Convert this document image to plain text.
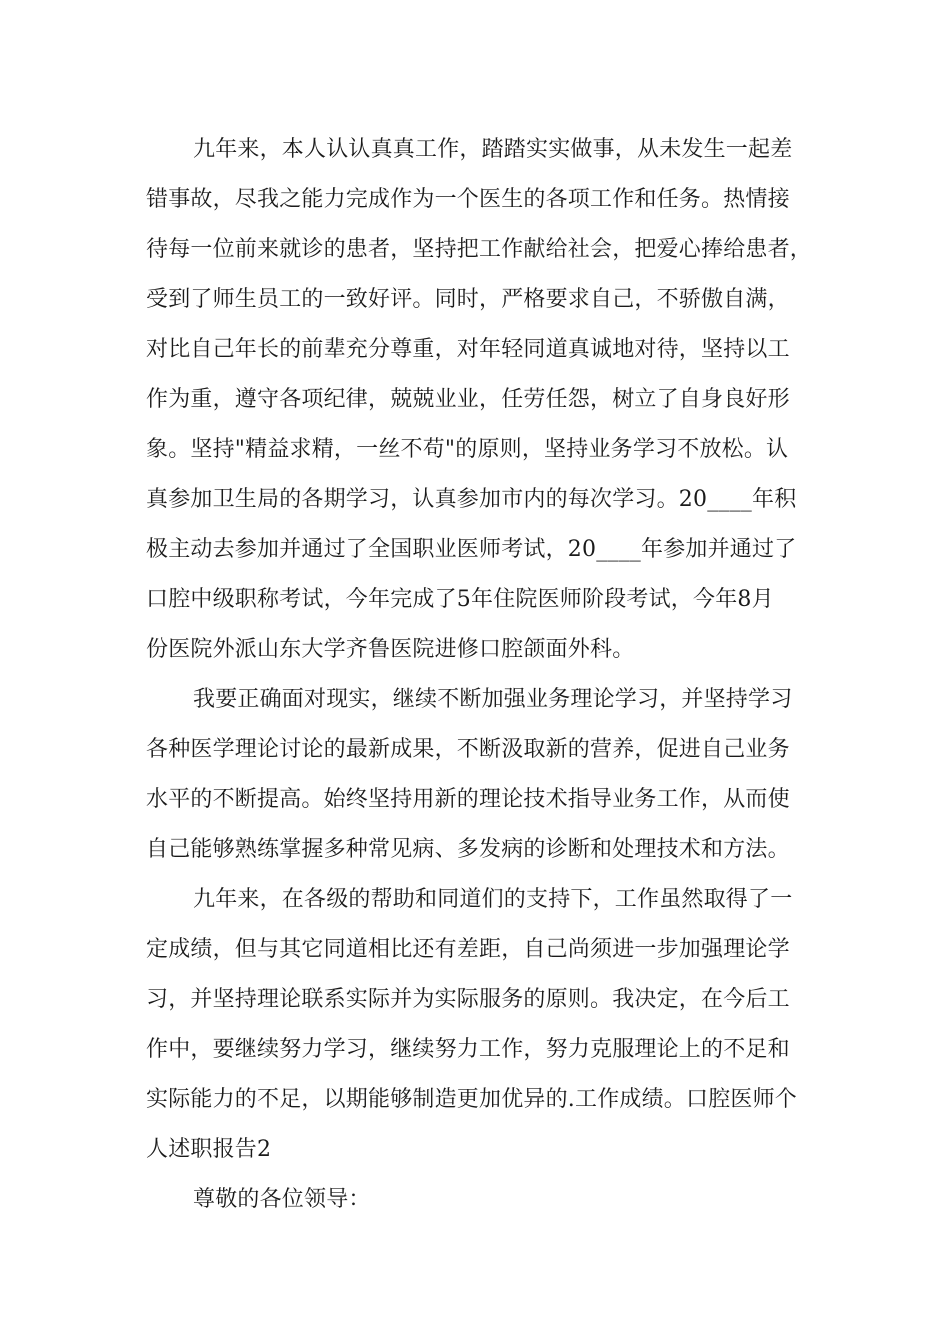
九年来，本人认认真真工作，踏踏实实做事，从未发生一起差
错事故，尽我之能力完成作为一个医生的各项工作和任务。热情接
待每一位前来就诊的患者，坚持把工作献给社会，把爱心捧给患者，
受到了师生员工的一致好评。同时，严格要求自己，不骄傲自满，
对比自己年长的前辈充分尊重，对年轻同道真诚地对待，坚持以工
作为重，遵守各项纪律，兢兢业业，任劳任怨，树立了自身良好形
象。坚持"精益求精，一丝不苟"的原则，坚持业务学习不放松。认
真参加卫生局的各期学习，认真参加市内的每次学习。20____年积
极主动去参加并通过了全国职业医师考试，20____年参加并通过了
口腔中级职称考试，今年完成了5年住院医师阶段考试，今年8月
份医院外派山东大学齐鲁医院进修口腔颌面外科。
我要正确面对现实，继续不断加强业务理论学习，并坚持学习
各种医学理论讨论的最新成果，不断汲取新的营养，促进自己业务
水平的不断提高。始终坚持用新的理论技术指导业务工作，从而使
自己能够熟练掌握多种常见病、多发病的诊断和处理技术和方法。
九年来，在各级的帮助和同道们的支持下，工作虽然取得了一
定成绩，但与其它同道相比还有差距，自己尚须进一步加强理论学
习，并坚持理论联系实际并为实际服务的原则。我决定，在今后工
作中，要继续努力学习，继续努力工作，努力克服理论上的不足和
实际能力的不足，以期能够制造更加优异的.工作成绩。口腔医师个
人述职报告2
尊敬的各位领导：
